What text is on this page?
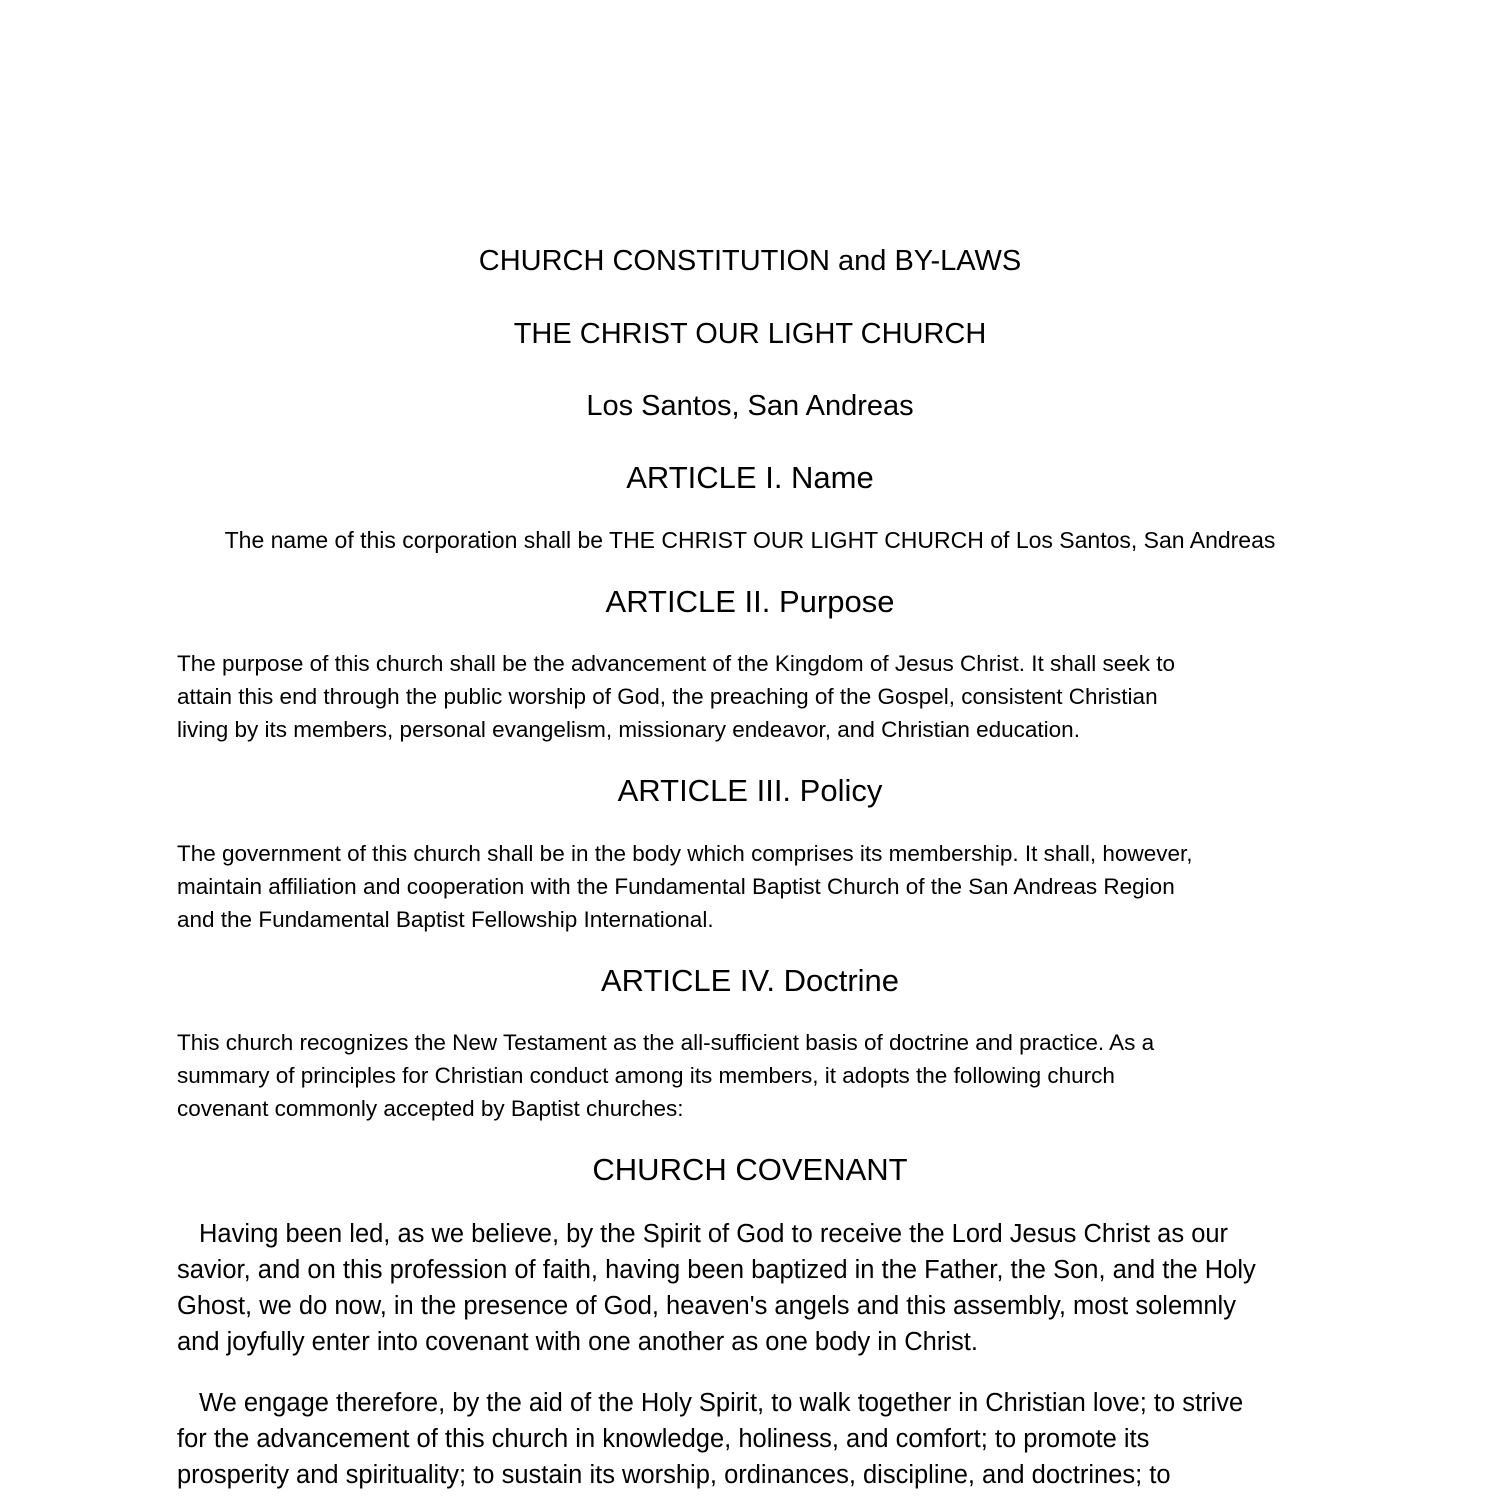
CHURCH CONSTITUTION and BY-LAWS
THE CHRIST OUR LIGHT CHURCH
Los Santos, San Andreas
ARTICLE I. Name
The name of this corporation shall be THE CHRIST OUR LIGHT CHURCH of Los Santos, San Andreas
ARTICLE II. Purpose
The purpose of this church shall be the advancement of the Kingdom of Jesus Christ. It shall seek to
attain this end through the public worship of God, the preaching of the Gospel, consistent Christian
living by its members, personal evangelism, missionary endeavor, and Christian education.
ARTICLE III. Policy
The government of this church shall be in the body which comprises its membership. It shall, however,
maintain affiliation and cooperation with the Fundamental Baptist Church of the San Andreas Region
and the Fundamental Baptist Fellowship International.
ARTICLE IV. Doctrine
This church recognizes the New Testament as the all-sufficient basis of doctrine and practice. As a
summary of principles for Christian conduct among its members, it adopts the following church
covenant commonly accepted by Baptist churches:
CHURCH COVENANT
Having been led, as we believe, by the Spirit of God to receive the Lord Jesus Christ as our
savior, and on this profession of faith, having been baptized in the Father, the Son, and the Holy
Ghost, we do now, in the presence of God, heaven's angels and this assembly, most solemnly
and joyfully enter into covenant with one another as one body in Christ.
We engage therefore, by the aid of the Holy Spirit, to walk together in Christian love; to strive
for the advancement of this church in knowledge, holiness, and comfort; to promote its
prosperity and spirituality; to sustain its worship, ordinances, discipline, and doctrines; to
